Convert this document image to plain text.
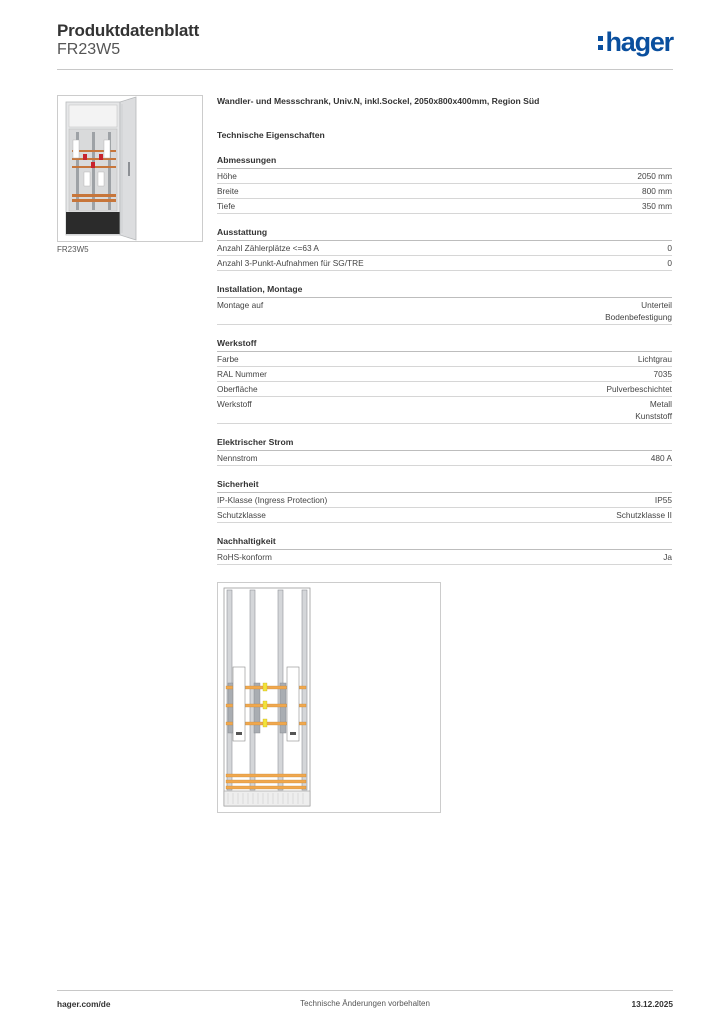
Produktdatenblatt
FR23W5	hager
FR23W5
Wandler- und Messschrank, Univ.N, inkl.Sockel, 2050x800x400mm, Region Süd
Technische Eigenschaften
Abmessungen
Höhe	2050 mm
Breite	800 mm
Tiefe	350 mm
Ausstattung
Anzahl Zählerplätze <=63 A	0
Anzahl 3-Punkt-Aufnahmen für SG/TRE	0
Installation, Montage
Montage auf	Unterteil
Bodenbefestigung
Werkstoff
Farbe	Lichtgrau
RAL Nummer	7035
Oberfläche	Pulverbeschichtet
Werkstoff	Metall
Kunststoff
Elektrischer Strom
Nennstrom	480 A
Sicherheit
IP-Klasse (Ingress Protection)	IP55
Schutzklasse	Schutzklasse II
Nachhaltigkeit
RoHS-konform	Ja
hager.com/de	Technische Änderungen vorbehalten	13.12.2025
